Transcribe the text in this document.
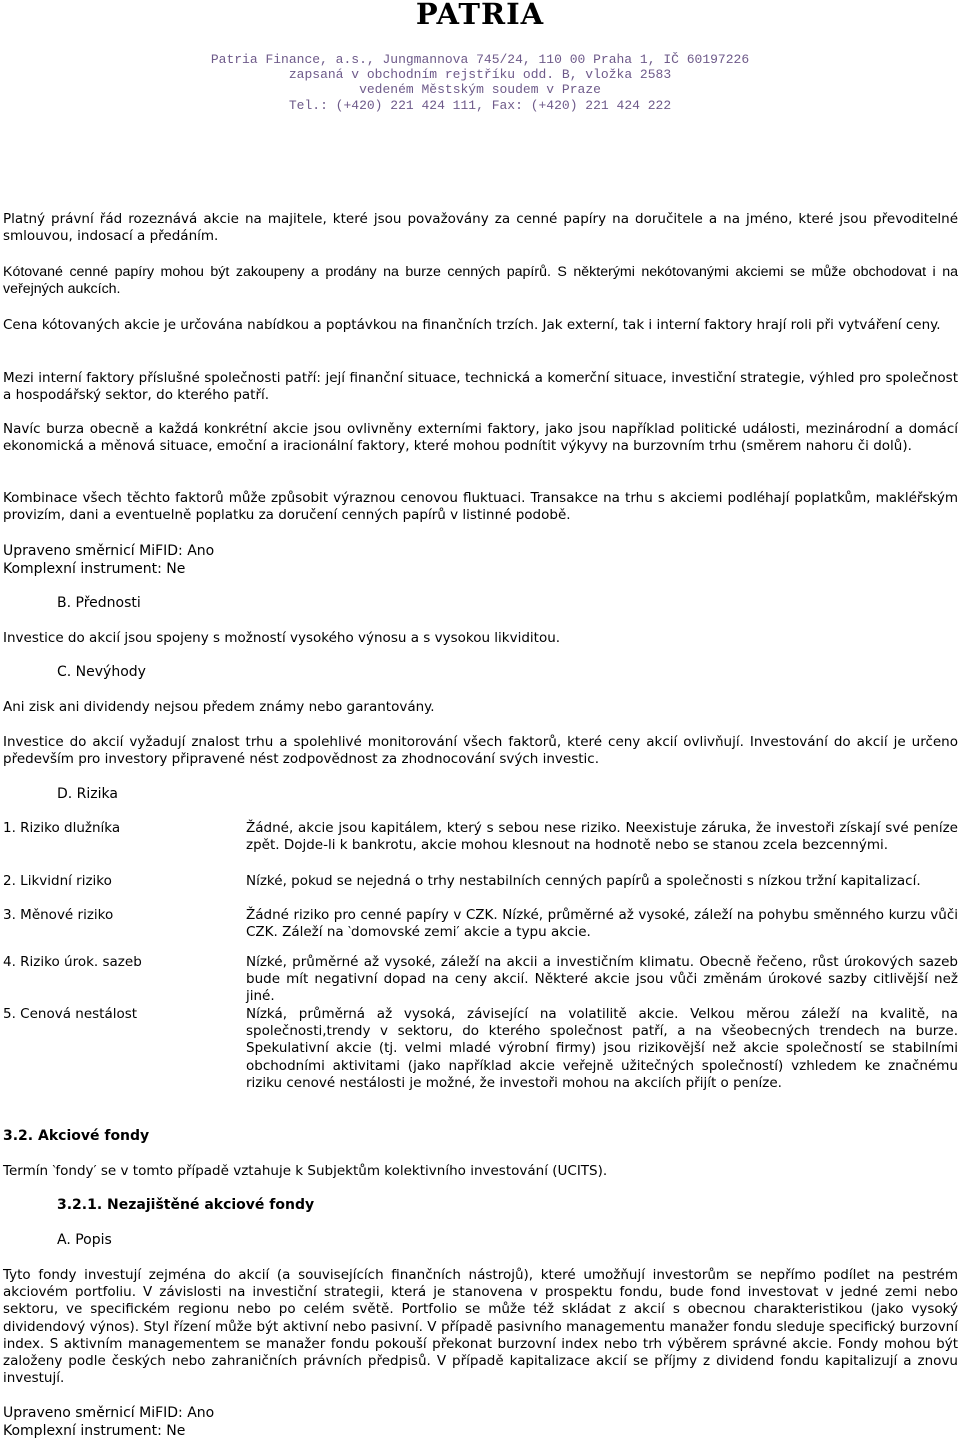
PATRIA
Patria Finance, a.s., Jungmannova 745/24, 110 00 Praha 1, IČ 60197226
zapsaná v obchodním rejstříku odd. B, vložka 2583
vedeném Městským soudem v Praze
Tel.: (+420) 221 424 111, Fax: (+420) 221 424 222

Platný právní řád rozeznává akcie na majitele, které jsou považovány za cenné papíry na doručitele a na jméno, které jsou převoditelné smlouvou, indosací a předáním.

Kótované cenné papíry mohou být zakoupeny a prodány na burze cenných papírů. S některými nekótovanými akciemi se může obchodovat i na veřejných aukcích.

Cena kótovaných akcie je určována nabídkou a poptávkou na finančních trzích. Jak externí, tak i interní faktory hrají roli při vytváření ceny.

Mezi interní faktory příslušné společnosti patří: její finanční situace, technická a komerční situace, investiční strategie, výhled pro společnost a hospodářský sektor, do kterého patří.

Navíc burza obecně a každá konkrétní akcie jsou ovlivněny externími faktory, jako jsou například politické události, mezinárodní a domácí ekonomická a měnová situace, emoční a iracionální faktory, které mohou podnítit výkyvy na burzovním trhu (směrem nahoru či dolů).

Kombinace všech těchto faktorů může způsobit výraznou cenovou fluktuaci. Transakce na trhu s akciemi podléhají poplatkům, makléřským provizím, dani a eventuelně poplatku za doručení cenných papírů v listinné podobě.

Upraveno směrnicí MiFID: Ano
Komplexní instrument: Ne
B. Přednosti

Investice do akcií jsou spojeny s možností vysokého výnosu a s vysokou likviditou.

C. Nevýhody

Ani zisk ani dividendy nejsou předem známy nebo garantovány.

Investice do akcií vyžadují znalost trhu a spolehlivé monitorování všech faktorů, které ceny akcií ovlivňují. Investování do akcií je určeno především pro investory připravené nést zodpovědnost za zhodnocování svých investic.

D. Rizika
1. Riziko dlužníka	Žádné, akcie jsou kapitálem, který s sebou nese riziko. Neexistuje záruka, že investoři získají své peníze zpět. Dojde-li k bankrotu, akcie mohou klesnout na hodnotě nebo se stanou zcela bezcennými.
2. Likvidní riziko	Nízké, pokud se nejedná o trhy nestabilních cenných papírů a společnosti s nízkou tržní kapitalizací.
3. Měnové riziko	Žádné riziko pro cenné papíry v CZK. Nízké, průměrné až vysoké, záleží na pohybu směnného kurzu vůči CZK. Záleží na ‵domovské zemi′ akcie a typu akcie.
4. Riziko úrok. sazeb	Nízké, průměrné až vysoké, záleží na akcii a investičním klimatu. Obecně řečeno, růst úrokových sazeb bude mít negativní dopad na ceny akcií. Některé akcie jsou vůči změnám úrokové sazby citlivější než jiné.
5. Cenová nestálost	Nízká, průměrná až vysoká, závisející na volatilitě akcie. Velkou měrou záleží na kvalitě, na společnosti,trendy v sektoru, do kterého společnost patří, a na všeobecných trendech na burze. Spekulativní akcie (tj. velmi mladé výrobní firmy) jsou rizikovější než akcie společností se stabilními obchodními aktivitami (jako například akcie veřejně užitečných společností) vzhledem ke značnému riziku cenové nestálosti je možné, že investoři mohou na akciích přijít o peníze.
3.2. Akciové fondy

Termín ‵fondy′ se v tomto případě vztahuje k Subjektům kolektivního investování (UCITS).

3.2.1. Nezajištěné akciové fondy
A. Popis

Tyto fondy investují zejména do akcií (a souvisejících finančních nástrojů), které umožňují investorům se nepřímo podílet na pestrém akciovém portfoliu. V závislosti na investiční strategii, která je stanovena v prospektu fondu, bude fond investovat v jedné zemi nebo sektoru, ve specifickém regionu nebo po celém světě. Portfolio se může též skládat z akcií s obecnou charakteristikou (jako vysoký dividendový výnos). Styl řízení může být aktivní nebo pasivní. V případě pasivního managementu manažer fondu sleduje specifický burzovní index. S aktivním managementem se manažer fondu pokouší překonat burzovní index nebo trh výběrem správné akcie. Fondy mohou být založeny podle českých nebo zahraničních právních předpisů. V případě kapitalizace akcií se příjmy z dividend fondu kapitalizují a znovu investují.

Upraveno směrnicí MiFID: Ano
Komplexní instrument: Ne
